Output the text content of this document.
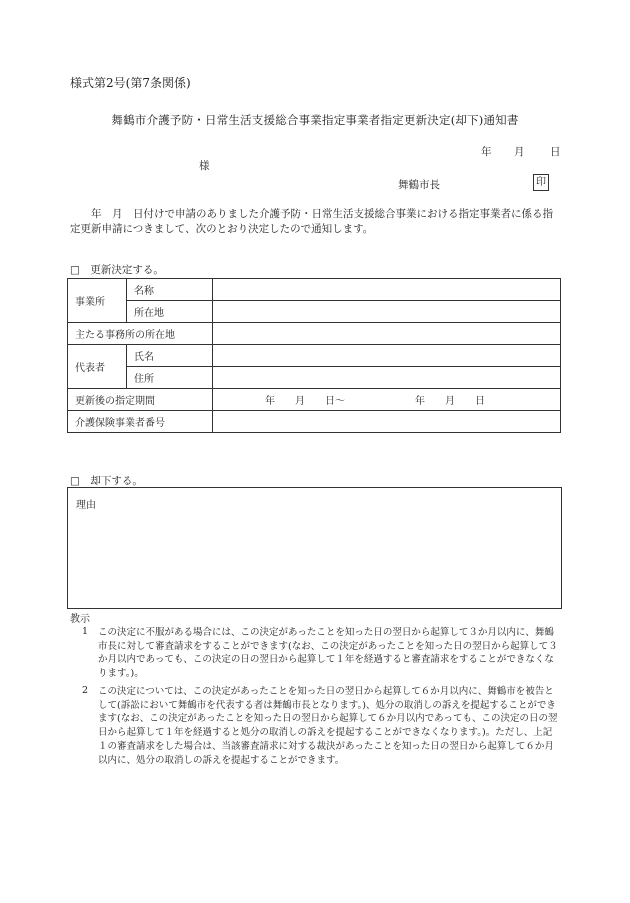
様式第2号(第7条関係)
舞鶴市介護予防・日常生活支援総合事業指定事業者指定更新決定(却下)通知書
年 月 日
様
舞鶴市長	印
　　年　月　日付けで申請のありました介護予防・日常生活支援総合事業における指定事業者に係る指定更新申請につきまして、次のとおり決定したので通知します。
□　更新決定する。
事業所	名称	
	所在地	
主たる事務所の所在地		
代表者	氏名	
	住所	
更新後の指定期間		年　　月　　日～　　　　　　　年　　月　　日
介護保険事業者番号		
□　却下する。
理由
教示
1 この決定に不服がある場合には、この決定があったことを知った日の翌日から起算して３か月以内に、舞鶴市長に対して審査請求をすることができます(なお、この決定があったことを知った日の翌日から起算して３か月以内であっても、この決定の日の翌日から起算して１年を経過すると審査請求をすることができなくなります。)。
2 この決定については、この決定があったことを知った日の翌日から起算して６か月以内に、舞鶴市を被告として(訴訟において舞鶴市を代表する者は舞鶴市長となります。)、処分の取消しの訴えを提起することができます(なお、この決定があったことを知った日の翌日から起算して６か月以内であっても、この決定の日の翌日から起算して１年を経過すると処分の取消しの訴えを提起することができなくなります。)。ただし、上記１の審査請求をした場合は、当該審査請求に対する裁決があったことを知った日の翌日から起算して６か月以内に、処分の取消しの訴えを提起することができます。
